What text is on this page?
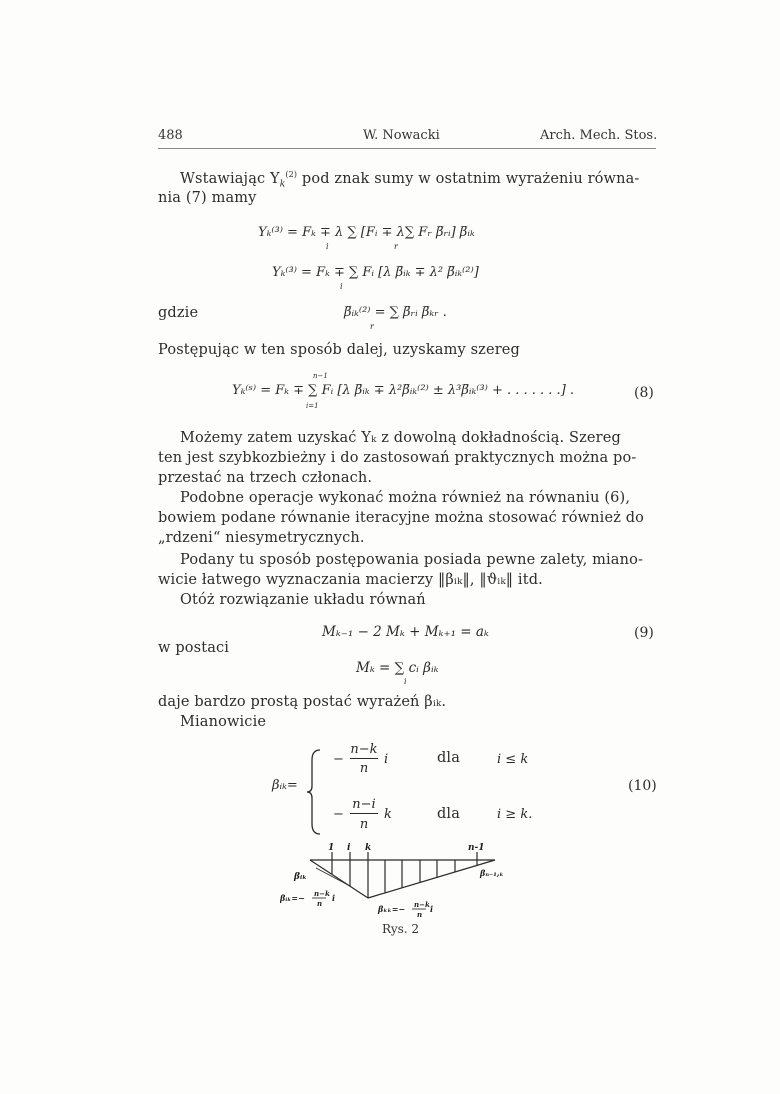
488	W. Nowacki	Arch. Mech. Stos.
Wstawiając $Y_k^{(2)}$ pod znak sumy w ostatnim wyrażeniu równa-
nia (7) mamy
Yₖ⁽³⁾ = Fₖ ∓ λ ∑ [Fᵢ ∓ λ∑ Fᵣ β̅ᵣᵢ] β̅ᵢₖ
i	r
Yₖ⁽³⁾ = Fₖ ∓ ∑ Fᵢ [λ β̅ᵢₖ ∓ λ² β̅ᵢₖ⁽²⁾]
i
gdzie	β̅ᵢₖ⁽²⁾ = ∑ β̅ᵣᵢ β̅ₖᵣ .
r
Postępując w ten sposób dalej, uzyskamy szereg
n−1
Yₖ⁽ˢ⁾ = Fₖ ∓ ∑ Fᵢ [λ β̅ᵢₖ ∓ λ²β̅ᵢₖ⁽²⁾ ± λ³β̅ᵢₖ⁽³⁾ + . . . . . . .] .
i=1
(8)
Możemy zatem uzyskać Yₖ z dowolną dokładnością. Szereg
ten jest szybkozbieżny i do zastosowań praktycznych można po-
przestać na trzech członach.
Podobne operacje wykonać można również na równaniu (6),
bowiem podane równanie iteracyjne można stosować również do
„rdzeni“ niesymetrycznych.
Podany tu sposób postępowania posiada pewne zalety, miano-
wicie łatwego wyznaczania macierzy ‖βᵢₖ‖, ‖ϑᵢₖ‖ itd.
Otóż rozwiązanie układu równań
Mₖ₋₁ − 2 Mₖ + Mₖ₊₁ = aₖ	(9)
w postaci
Mₖ = ∑ cᵢ βᵢₖ
i
daje bardzo prostą postać wyrażeń βᵢₖ.
Mianowicie
βᵢₖ=
−
n−k
n
i	dla	i ≤ k
−
n−i
n
k	dla	i ≥ k.
(10)
1 i k	n-1
βᵢₖ
βᵢₖ=− n−k
n
i
βₙ₋₁,ₖ
βₖₖ=− n−k
n
i
Rys. 2
